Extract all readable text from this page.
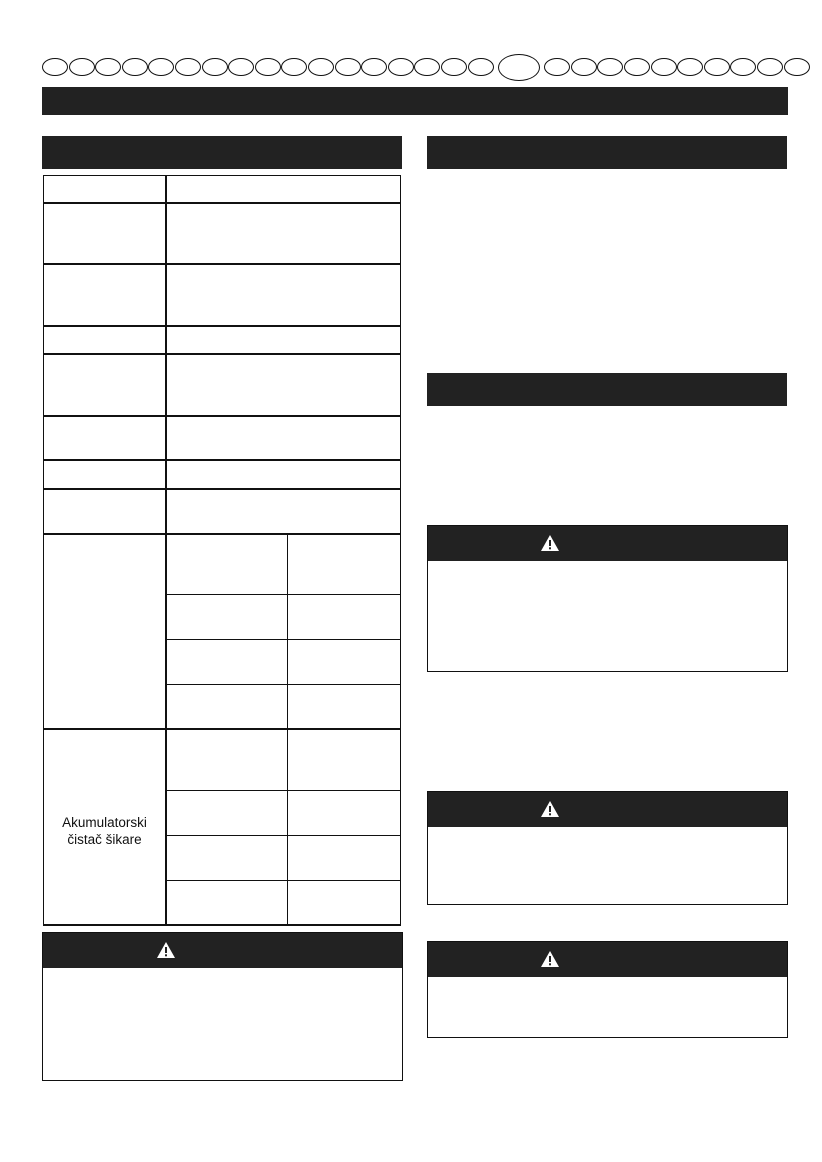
Akumulatorski
čistač šikare
